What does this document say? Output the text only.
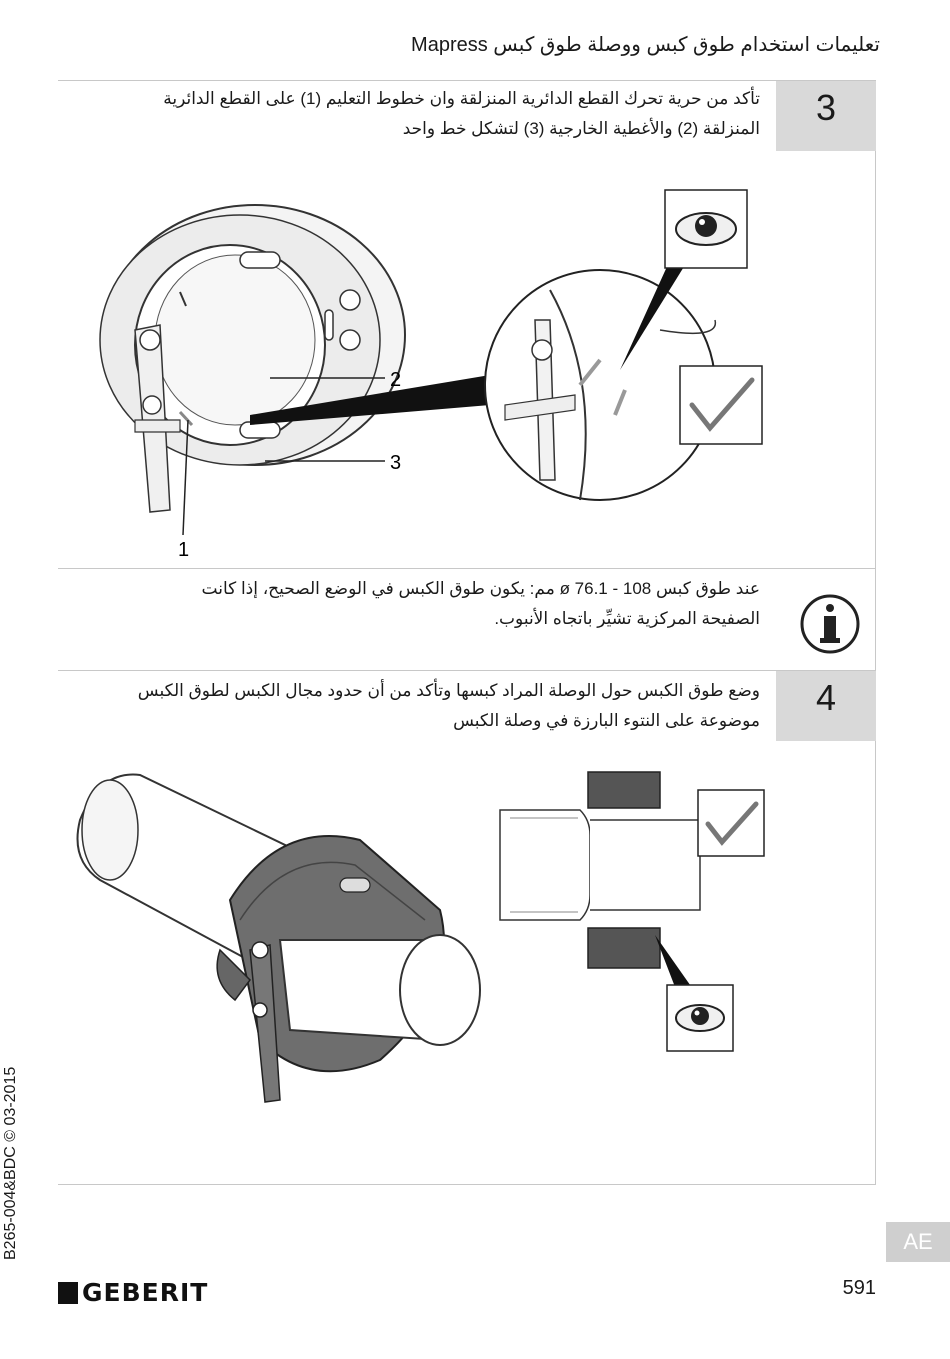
تعليمات استخدام طوق كبس ووصلة طوق كبس Mapress
3
تأكد من حرية تحرك القطع الدائرية المنزلقة وان خطوط التعليم (1) على القطع الدائرية
المنزلقة (2) والأغطية الخارجية (3) لتشكل خط واحد
2
3
1
عند طوق كبس ø 76.1 - 108 مم: يكون طوق الكبس في الوضع الصحيح، إذا كانت
الصفيحة المركزية تشيِّر باتجاه الأنبوب.
4
وضع طوق الكبس حول الوصلة المراد كبسها وتأكد من أن حدود مجال الكبس لطوق الكبس
موضوعة على النتوء البارزة في وصلة الكبس
B265-004&BDC © 03-2015
GEBERIT	591
AE
